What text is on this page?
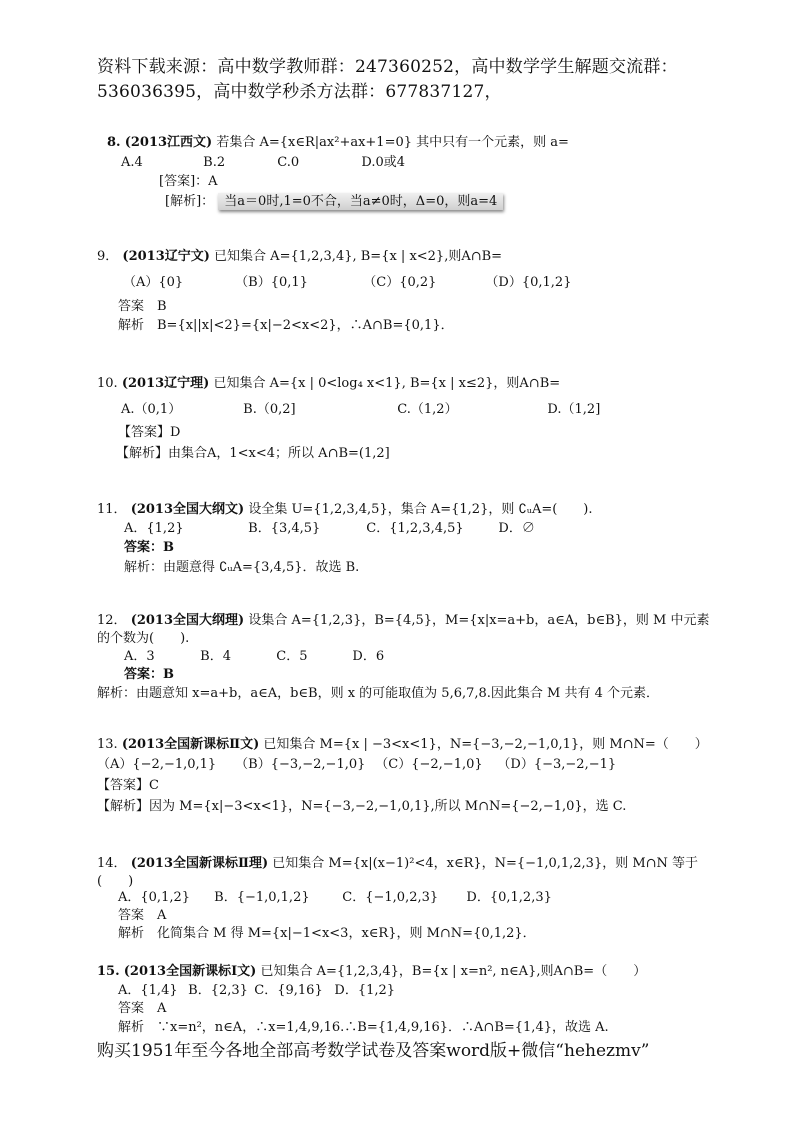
资料下载来源：高中数学教师群：247360252，高中数学学生解题交流群：
536036395，高中数学秒杀方法群：677837127，
8. (2013江西文) 若集合 A={x∈R|ax²+ax+1=0} 其中只有一个元素，则 a=
A.4	B.2	C.0	D.0或4
[答案]：A
[解析]： 当a＝0时,1=0不合，当a≠0时，Δ=0，则a=4
9． (2013辽宁文) 已知集合 A={1,2,3,4}, B={x | x<2},则A∩B=
（A）{0}	（B）{0,1}	（C）{0,2}	（D）{0,1,2}
答案　B
解析　B={x||x|<2}={x|−2<x<2}，∴A∩B={0,1}．
10. (2013辽宁理) 已知集合 A={x | 0<log₄ x<1}, B={x | x≤2}，则A∩B=
A.（0,1）	B.（0,2]	C.（1,2）	D.（1,2]
【答案】D
【解析】由集合A，1<x<4；所以 A∩B=(1,2]
11． (2013全国大纲文) 设全集 U={1,2,3,4,5}，集合 A={1,2}，则 ∁ᵤA=(　　).
A．{1,2}	B．{3,4,5}	C．{1,2,3,4,5}	D．∅
答案：B
解析：由题意得 ∁ᵤA={3,4,5}．故选 B.
12． (2013全国大纲理) 设集合 A={1,2,3}，B={4,5}，M={x|x=a+b，a∈A，b∈B}，则 M 中元素
的个数为(　　).
A．3	B．4	C．5	D．6
答案：B
解析：由题意知 x=a+b，a∈A，b∈B，则 x 的可能取值为 5,6,7,8.因此集合 M 共有 4 个元素．
13. (2013全国新课标Ⅱ文) 已知集合 M={x | −3<x<1}，N={−3,−2,−1,0,1}，则 M∩N=（　　）
（A）{−2,−1,0,1} （B）{−3,−2,−1,0} （C）{−2,−1,0} （D）{−3,−2,−1}
【答案】C
【解析】因为 M={x|−3<x<1}，N={−3,−2,−1,0,1},所以 M∩N={−2,−1,0}，选 C.
14． (2013全国新课标Ⅱ理) 已知集合 M={x|(x−1)²<4，x∈R}，N={−1,0,1,2,3}，则 M∩N 等于
(　　)
A．{0,1,2} B．{−1,0,1,2}	C．{−1,0,2,3} D．{0,1,2,3}
答案　A
解析　化简集合 M 得 M={x|−1<x<3，x∈R}，则 M∩N={0,1,2}．
15. (2013全国新课标Ⅰ文) 已知集合 A={1,2,3,4}，B={x | x=n², n∈A},则A∩B=（　　）
A．{1,4} B．{2,3} C．{9,16} D．{1,2}
答案　A
解析　∵x=n²，n∈A，∴x=1,4,9,16.∴B={1,4,9,16}．∴A∩B={1,4}，故选 A.
购买1951年至今各地全部高考数学试卷及答案word版+微信“hehezmv”
